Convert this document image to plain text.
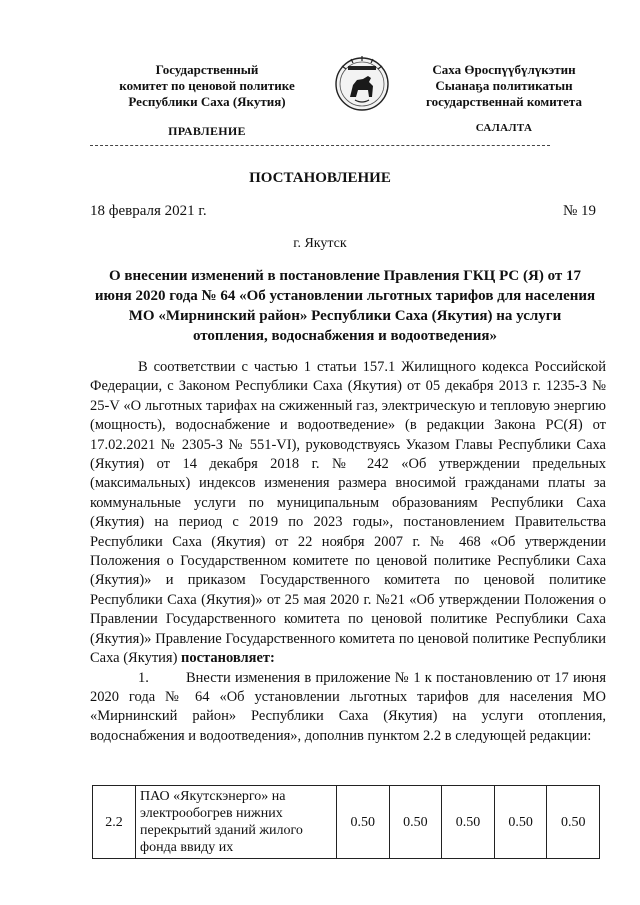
Государственный
комитет по ценовой политике
Республики Саха (Якутия)
Саха Өроспүүбүлүкэтин
Сыанаҕа политикатын
государственнай комитета
ПРАВЛЕНИЕ	САЛАЛТА
ПОСТАНОВЛЕНИЕ
18 февраля 2021 г.	№ 19
г. Якутск
О внесении изменений в постановление Правления ГКЦ РС (Я) от 17 июня 2020 года № 64 «Об установлении льготных тарифов для населения МО «Мирнинский район» Республики Саха (Якутия) на услуги отопления, водоснабжения и водоотведения»

В соответствии с частью 1 статьи 157.1 Жилищного кодекса Российской Федерации, с Законом Республики Саха (Якутия) от 05 декабря 2013 г. 1235-З № 25-V «О льготных тарифах на сжиженный газ, электрическую и тепловую энергию (мощность), водоснабжение и водоотведение» (в редакции Закона РС(Я) от 17.02.2021 № 2305-З № 551-VI), руководствуясь Указом Главы Республики Саха (Якутия) от 14 декабря 2018 г. № 242 «Об утверждении предельных (максимальных) индексов изменения размера вносимой гражданами платы за коммунальные услуги по муниципальным образованиям Республики Саха (Якутия) на период с 2019 по 2023 годы», постановлением Правительства Республики Саха (Якутия) от 22 ноября 2007 г. № 468 «Об утверждении Положения о Государственном комитете по ценовой политике Республики Саха (Якутия)» и приказом Государственного комитета по ценовой политике Республики Саха (Якутия)» от 25 мая 2020 г. №21 «Об утверждении Положения о Правлении Государственного комитета по ценовой политике Республики Саха (Якутия)» Правление Государственного комитета по ценовой политике Республики Саха (Якутия) постановляет:

1.	Внести изменения в приложение № 1 к постановлению от 17 июня 2020 года № 64 «Об установлении льготных тарифов для населения МО «Мирнинский район» Республики Саха (Якутия) на услуги отопления, водоснабжения и водоотведения», дополнив пунктом 2.2 в следующей редакции:

2.2	ПАО «Якутскэнерго» на электрообогрев нижних перекрытий зданий жилого фонда ввиду их	0.50	0.50	0.50	0.50	0.50
